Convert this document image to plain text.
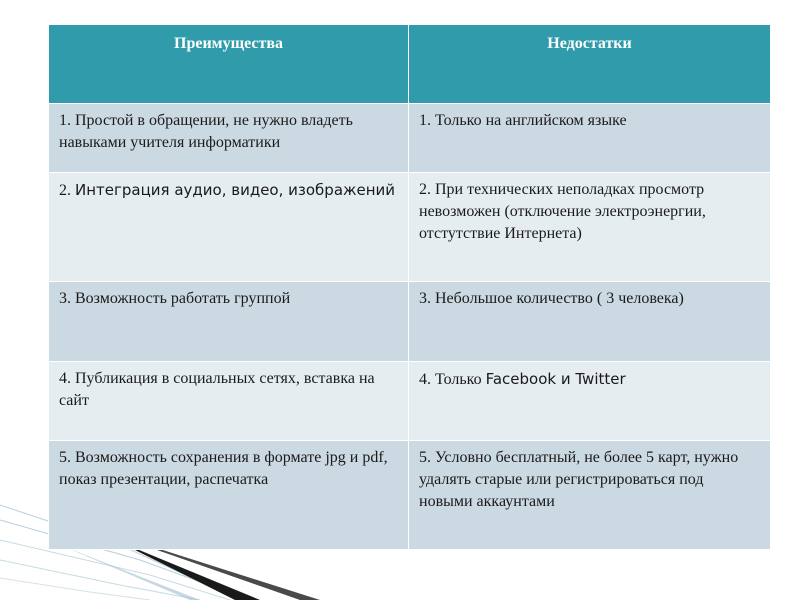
Преимущества	Недостатки
1. Простой в обращении, не нужно владеть навыками учителя информатики	1. Только на английском языке
2. Интеграция аудио, видео, изображений	2. При технических неполадках просмотр невозможен (отключение электроэнергии, отстутствие Интернета)
3. Возможность работать группой	3. Небольшое количество ( 3 человека)
4. Публикация в социальных сетях, вставка на сайт	4. Только Facebook и Twitter
5. Возможность сохранения в формате jpg и pdf, показ презентации, распечатка	5. Условно бесплатный, не более 5 карт, нужно удалять старые или регистрироваться под новыми аккаунтами
